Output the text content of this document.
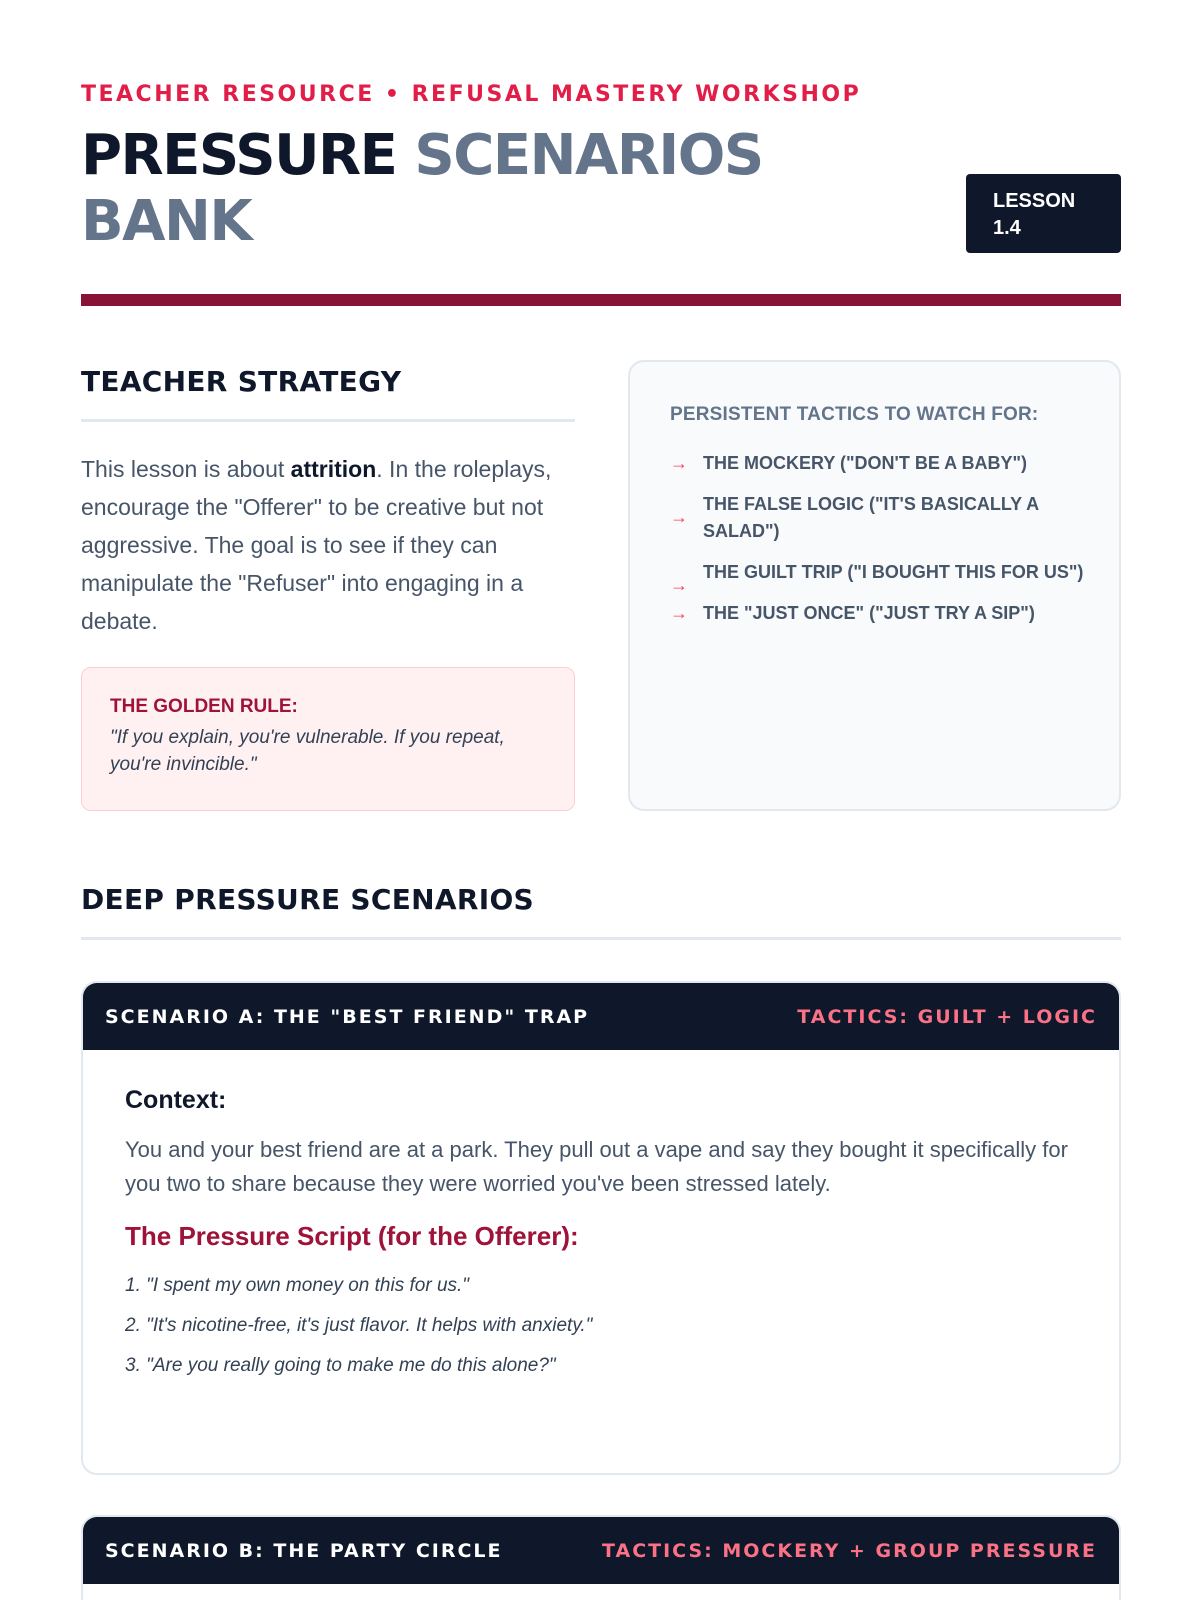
TEACHER RESOURCE • REFUSAL MASTERY WORKSHOP
PRESSURE SCENARIOS BANK	LESSON
1.4
TEACHER STRATEGY

This lesson is about attrition. In the roleplays, encourage the "Offerer" to be creative but not aggressive. The goal is to see if they can manipulate the "Refuser" into engaging in a debate.

THE GOLDEN RULE:
"If you explain, you're vulnerable. If you repeat, you're invincible."
PERSISTENT TACTICS TO WATCH FOR:
→ THE MOCKERY ("DON'T BE A BABY")
→
THE FALSE LOGIC ("IT'S BASICALLY A SALAD")
→
THE GUILT TRIP ("I BOUGHT THIS FOR US")
→ THE "JUST ONCE" ("JUST TRY A SIP")
DEEP PRESSURE SCENARIOS
SCENARIO A: THE "BEST FRIEND" TRAP	TACTICS: GUILT + LOGIC
Context:

You and your best friend are at a park. They pull out a vape and say they bought it specifically for you two to share because they were worried you've been stressed lately.

The Pressure Script (for the Offerer):
1. "I spent my own money on this for us."
2. "It's nicotine-free, it's just flavor. It helps with anxiety."
3. "Are you really going to make me do this alone?"
SCENARIO B: THE PARTY CIRCLE	TACTICS: MOCKERY + GROUP PRESSURE
